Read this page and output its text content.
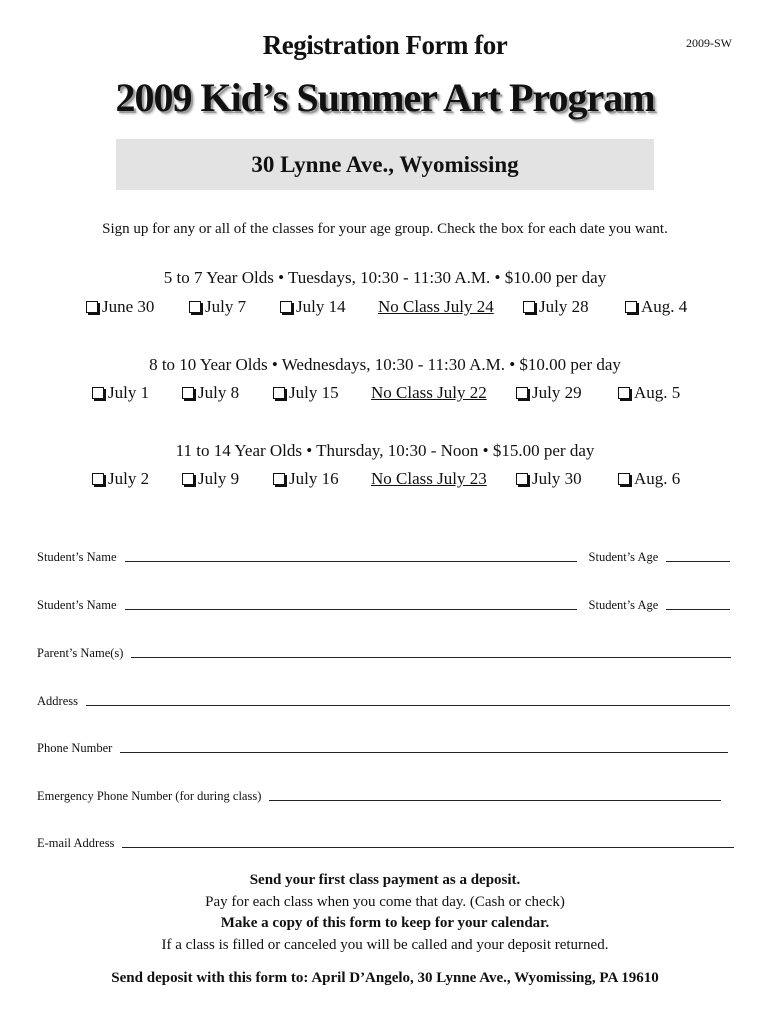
2009-SW
Registration Form for
2009 Kid’s Summer Art Program
30 Lynne Ave., Wyomissing
Sign up for any or all of the classes for your age group. Check the box for each date you want.
5 to 7 Year Olds • Tuesdays, 10:30 - 11:30 A.M. • $10.00 per day
June 30	July 7	July 14 No Class July 24	July 28	Aug. 4
8 to 10 Year Olds • Wednesdays, 10:30 - 11:30 A.M. • $10.00 per day
July 1	July 8	July 15 No Class July 22	July 29	Aug. 5
11 to 14 Year Olds • Thursday, 10:30 - Noon • $15.00 per day
July 2	July 9	July 16 No Class July 23	July 30	Aug. 6
Student’s Name	Student’s Age
Student’s Name	Student’s Age
Parent’s Name(s)
Address
Phone Number
Emergency Phone Number (for during class)
E-mail Address
Send your first class payment as a deposit.
Pay for each class when you come that day. (Cash or check)
Make a copy of this form to keep for your calendar.
If a class is filled or canceled you will be called and your deposit returned.
Send deposit with this form to: April D’Angelo, 30 Lynne Ave., Wyomissing, PA 19610
